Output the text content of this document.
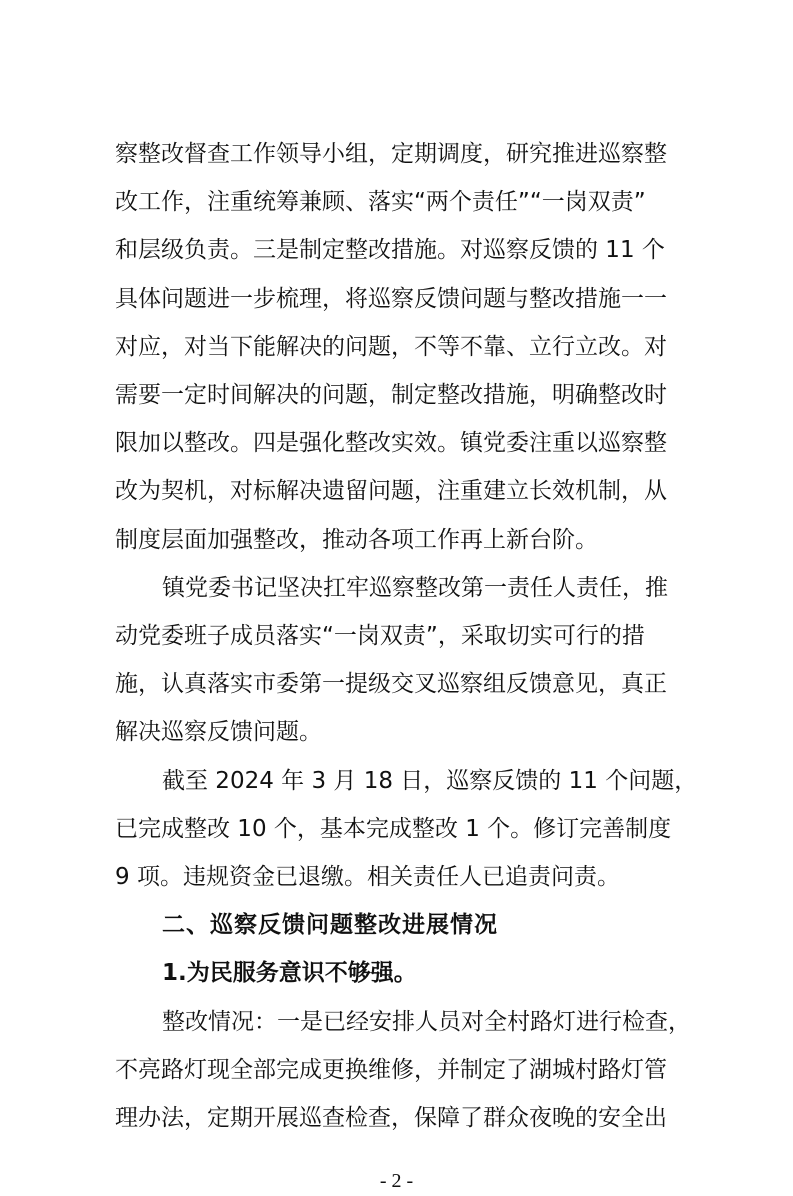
察整改督查工作领导小组，定期调度，研究推进巡察整
改工作，注重统筹兼顾、落实“两个责任”“一岗双责”
和层级负责。三是制定整改措施。对巡察反馈的 11 个
具体问题进一步梳理，将巡察反馈问题与整改措施一一
对应，对当下能解决的问题，不等不靠、立行立改。对
需要一定时间解决的问题，制定整改措施，明确整改时
限加以整改。四是强化整改实效。镇党委注重以巡察整
改为契机，对标解决遗留问题，注重建立长效机制，从
制度层面加强整改，推动各项工作再上新台阶。
镇党委书记坚决扛牢巡察整改第一责任人责任，推
动党委班子成员落实“一岗双责”，采取切实可行的措
施，认真落实市委第一提级交叉巡察组反馈意见，真正
解决巡察反馈问题。
截至 2024 年 3 月 18 日，巡察反馈的 11 个问题，
已完成整改 10 个，基本完成整改 1 个。修订完善制度
9 项。违规资金已退缴。相关责任人已追责问责。
二、巡察反馈问题整改进展情况
1.为民服务意识不够强。
整改情况：一是已经安排人员对全村路灯进行检查，
不亮路灯现全部完成更换维修，并制定了湖城村路灯管
理办法，定期开展巡查检查，保障了群众夜晚的安全出
- 2 -
